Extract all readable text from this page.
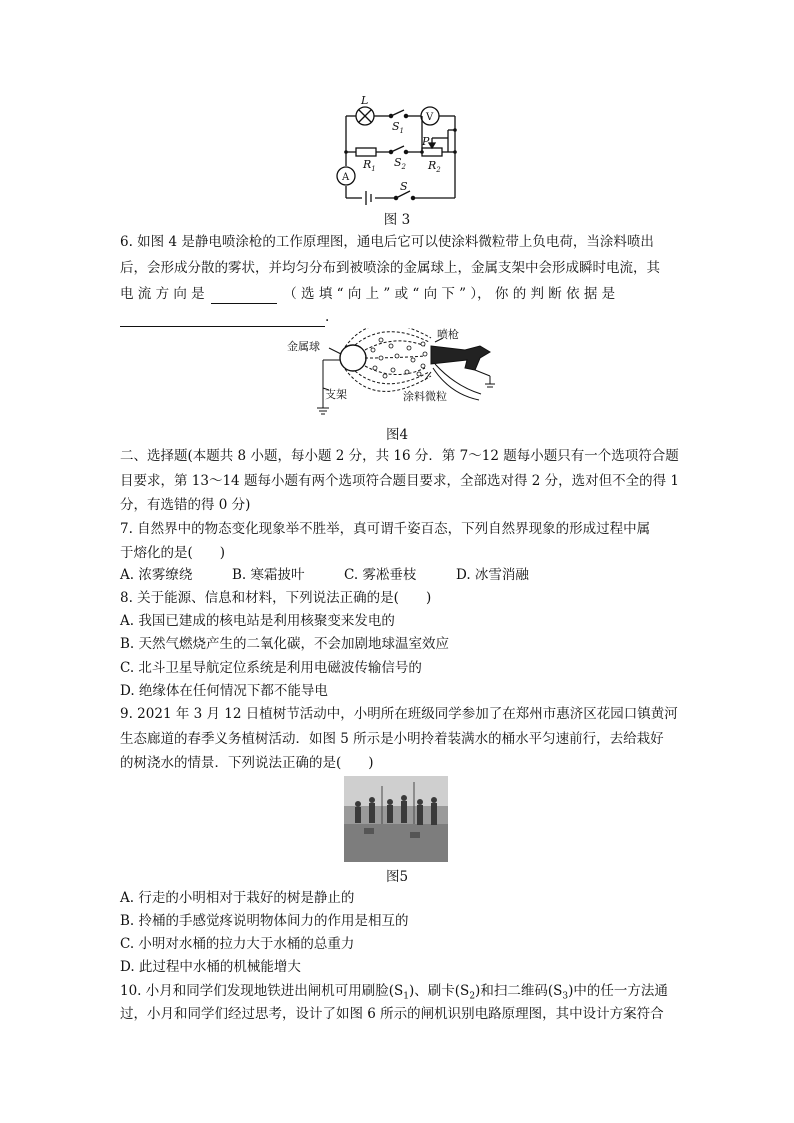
L
$S_1$
V
P
$R_1$ $S_2$ $R_2$
A
S
图 3
6. 如图 4 是静电喷涂枪的工作原理图，通电后它可以使涂料微粒带上负电荷，当涂料喷出
后，会形成分散的雾状，并均匀分布到被喷涂的金属球上，金属支架中会形成瞬时电流，其
电 流 方 向 是	（ 选 填 “ 向 上 ” 或 “ 向 下 ” ）， 你 的 判 断 依 据 是
.
金属球
喷枪
支架	涂料微粒
图4
二、选择题(本题共 8 小题，每小题 2 分，共 16 分．第 7～12 题每小题只有一个选项符合题
目要求，第 13～14 题每小题有两个选项符合题目要求，全部选对得 2 分，选对但不全的得 1
分，有选错的得 0 分)
7. 自然界中的物态变化现象举不胜举，真可谓千姿百态，下列自然界现象的形成过程中属
于熔化的是(　　)
A. 浓雾缭绕	B. 寒霜披叶	C. 雾凇垂枝	D. 冰雪消融
8. 关于能源、信息和材料，下列说法正确的是(　　)
A. 我国已建成的核电站是利用核聚变来发电的
B. 天然气燃烧产生的二氧化碳，不会加剧地球温室效应
C. 北斗卫星导航定位系统是利用电磁波传输信号的
D. 绝缘体在任何情况下都不能导电
9. 2021 年 3 月 12 日植树节活动中，小明所在班级同学参加了在郑州市惠济区花园口镇黄河
生态廊道的春季义务植树活动．如图 5 所示是小明拎着装满水的桶水平匀速前行，去给栽好
的树浇水的情景．下列说法正确的是(　　)
图5
A. 行走的小明相对于栽好的树是静止的
B. 拎桶的手感觉疼说明物体间力的作用是相互的
C. 小明对水桶的拉力大于水桶的总重力
D. 此过程中水桶的机械能增大
10. 小月和同学们发现地铁进出闸机可用刷脸$(S_1)$、刷卡$(S_2)$和扫二维码$(S_3)$中的任一方法通
过，小月和同学们经过思考，设计了如图 6 所示的闸机识别电路原理图，其中设计方案符合
